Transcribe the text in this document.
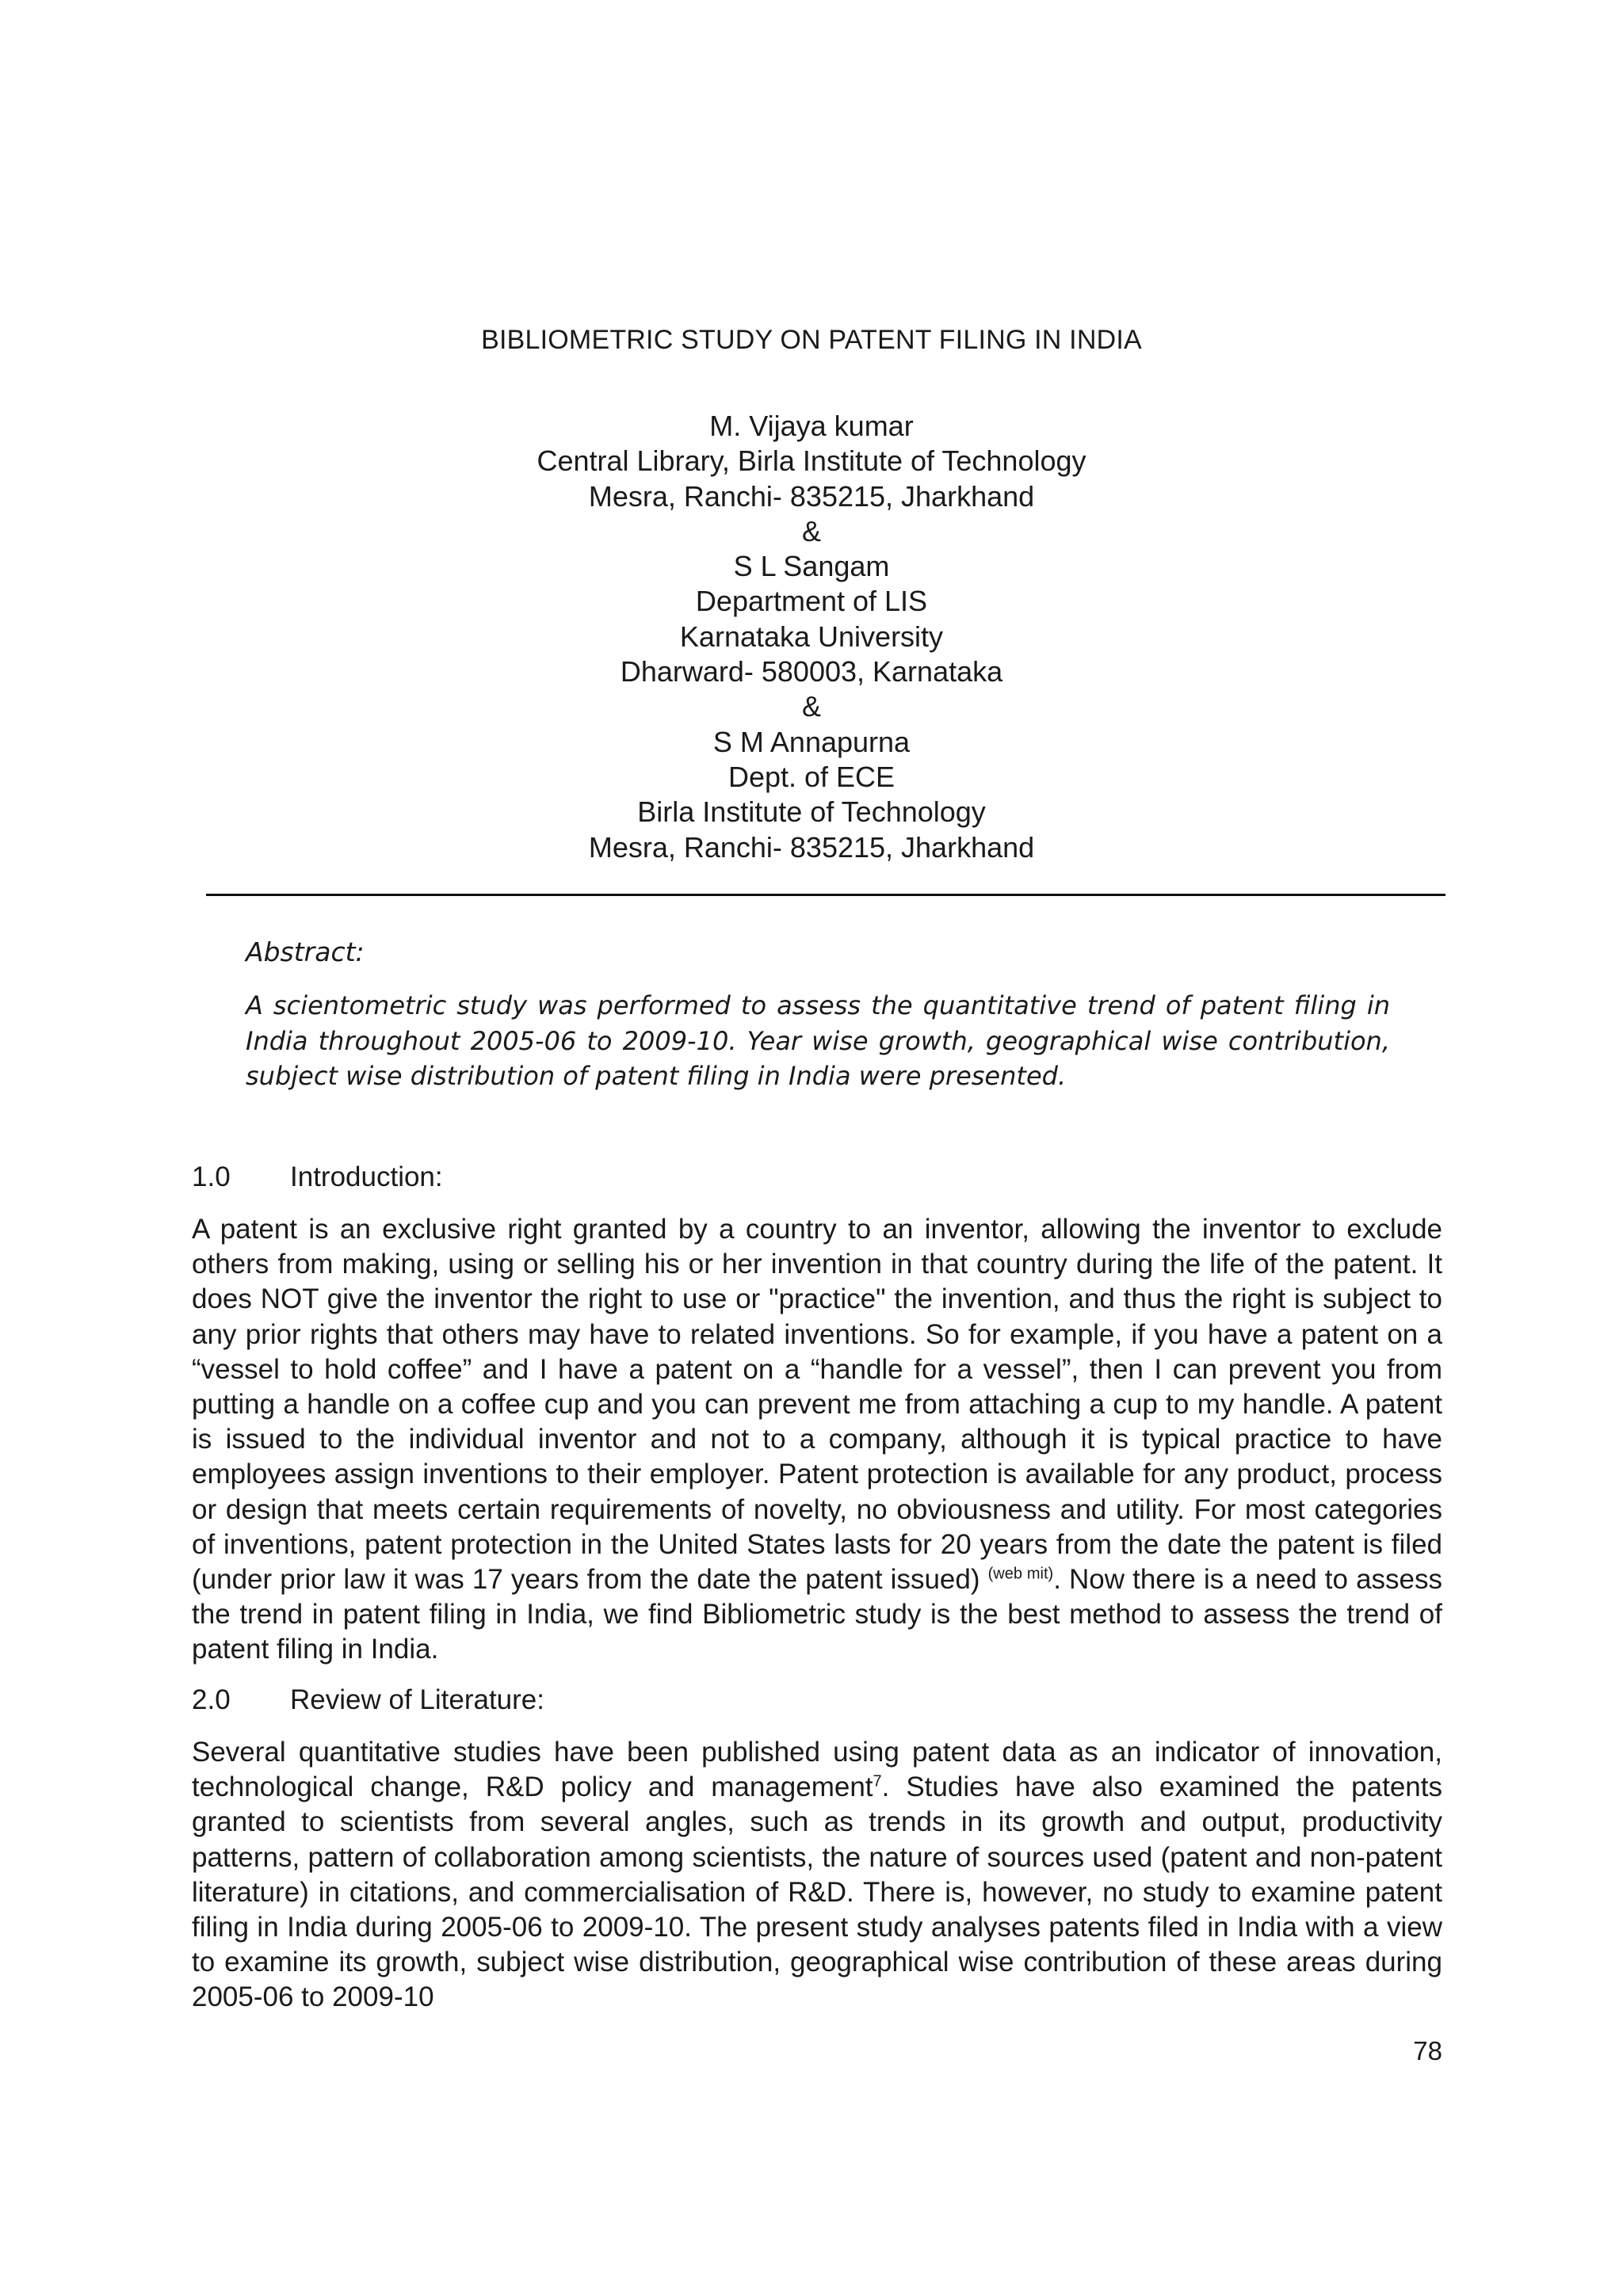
BIBLIOMETRIC STUDY ON PATENT FILING IN INDIA
M. Vijaya kumar
Central Library, Birla Institute of Technology
Mesra, Ranchi- 835215, Jharkhand
&
S L Sangam
Department of LIS
Karnataka University
Dharward- 580003, Karnataka
&
S M Annapurna
Dept. of ECE
Birla Institute of Technology
Mesra, Ranchi- 835215, Jharkhand
Abstract:
A scientometric study was performed to assess the quantitative trend of patent filing in India throughout 2005-06 to 2009-10. Year wise growth, geographical wise contribution, subject wise distribution of patent filing in India were presented.
1.0 Introduction:
A patent is an exclusive right granted by a country to an inventor, allowing the inventor to exclude others from making, using or selling his or her invention in that country during the life of the patent. It does NOT give the inventor the right to use or "practice" the invention, and thus the right is subject to any prior rights that others may have to related inventions. So for example, if you have a patent on a “vessel to hold coffee” and I have a patent on a “handle for a vessel”, then I can prevent you from putting a handle on a coffee cup and you can prevent me from attaching a cup to my handle. A patent is issued to the individual inventor and not to a company, although it is typical practice to have employees assign inventions to their employer. Patent protection is available for any product, process or design that meets certain requirements of novelty, no obviousness and utility. For most categories of inventions, patent protection in the United States lasts for 20 years from the date the patent is filed (under prior law it was 17 years from the date the patent issued) $^{(web mit)}$. Now there is a need to assess the trend in patent filing in India, we find Bibliometric study is the best method to assess the trend of patent filing in India.
2.0 Review of Literature:
Several quantitative studies have been published using patent data as an indicator of innovation, technological change, R&D policy and management$^7$. Studies have also examined the patents granted to scientists from several angles, such as trends in its growth and output, productivity patterns, pattern of collaboration among scientists, the nature of sources used (patent and non-patent literature) in citations, and commercialisation of R&D. There is, however, no study to examine patent filing in India during 2005-06 to 2009-10. The present study analyses patents filed in India with a view to examine its growth, subject wise distribution, geographical wise contribution of these areas during 2005-06 to 2009-10
78
